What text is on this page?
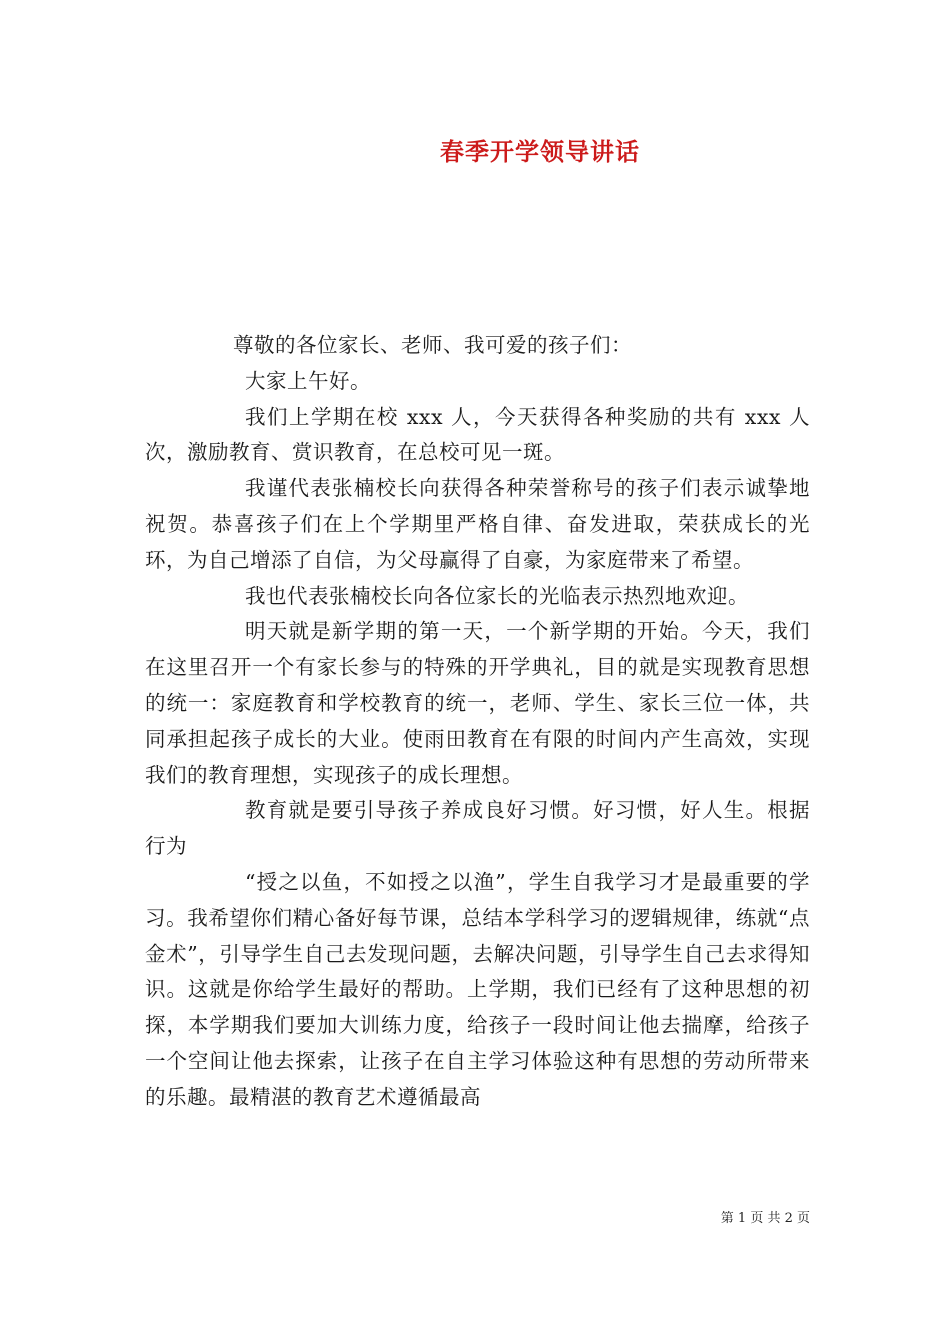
春季开学领导讲话

尊敬的各位家长、老师、我可爱的孩子们：

大家上午好。

我们上学期在校 xxx 人，今天获得各种奖励的共有 xxx 人次，激励教育、赏识教育，在总校可见一斑。

我谨代表张楠校长向获得各种荣誉称号的孩子们表示诚挚地祝贺。恭喜孩子们在上个学期里严格自律、奋发进取，荣获成长的光环，为自己增添了自信，为父母赢得了自豪，为家庭带来了希望。

我也代表张楠校长向各位家长的光临表示热烈地欢迎。

明天就是新学期的第一天，一个新学期的开始。今天，我们在这里召开一个有家长参与的特殊的开学典礼，目的就是实现教育思想的统一：家庭教育和学校教育的统一，老师、学生、家长三位一体，共同承担起孩子成长的大业。使雨田教育在有限的时间内产生高效，实现我们的教育理想，实现孩子的成长理想。

教育就是要引导孩子养成良好习惯。好习惯，好人生。根据行为

“授之以鱼，不如授之以渔”，学生自我学习才是最重要的学习。我希望你们精心备好每节课，总结本学科学习的逻辑规律，练就“点金术”，引导学生自己去发现问题，去解决问题，引导学生自己去求得知识。这就是你给学生最好的帮助。上学期，我们已经有了这种思想的初探，本学期我们要加大训练力度，给孩子一段时间让他去揣摩，给孩子一个空间让他去探索，让孩子在自主学习体验这种有思想的劳动所带来的乐趣。最精湛的教育艺术遵循最高

第 1 页 共 2 页
